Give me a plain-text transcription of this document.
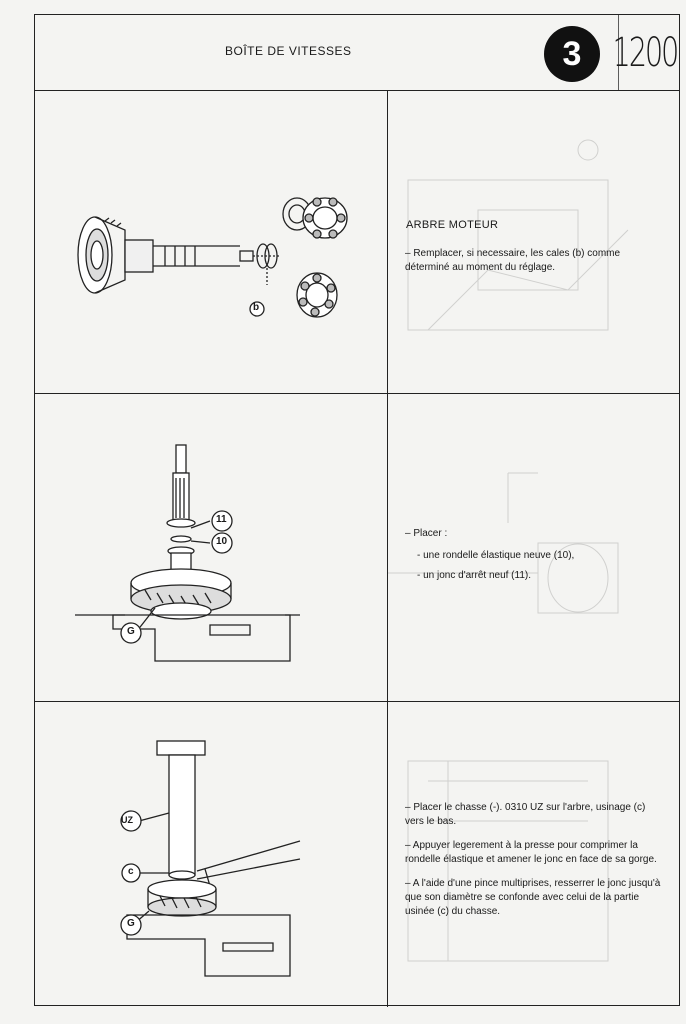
BOÎTE DE VITESSES	3 1200
b
ARBRE MOTEUR

– Remplacer, si necessaire, les cales (b) comme déterminé au moment du réglage.

11
10
G

– Placer :

- une rondelle élastique neuve (10),

- un jonc d'arrêt neuf (11).

UZ
c
G

– Placer le chasse (-). 0310 UZ sur l'arbre, usinage (c) vers le bas.

– Appuyer legerement à la presse pour comprimer la rondelle élastique et amener le jonc en face de sa gorge.

– A l'aide d'une pince multiprises, resserrer le jonc jusqu'à que son diamètre se confonde avec celui de la partie usinée (c) du chasse.
